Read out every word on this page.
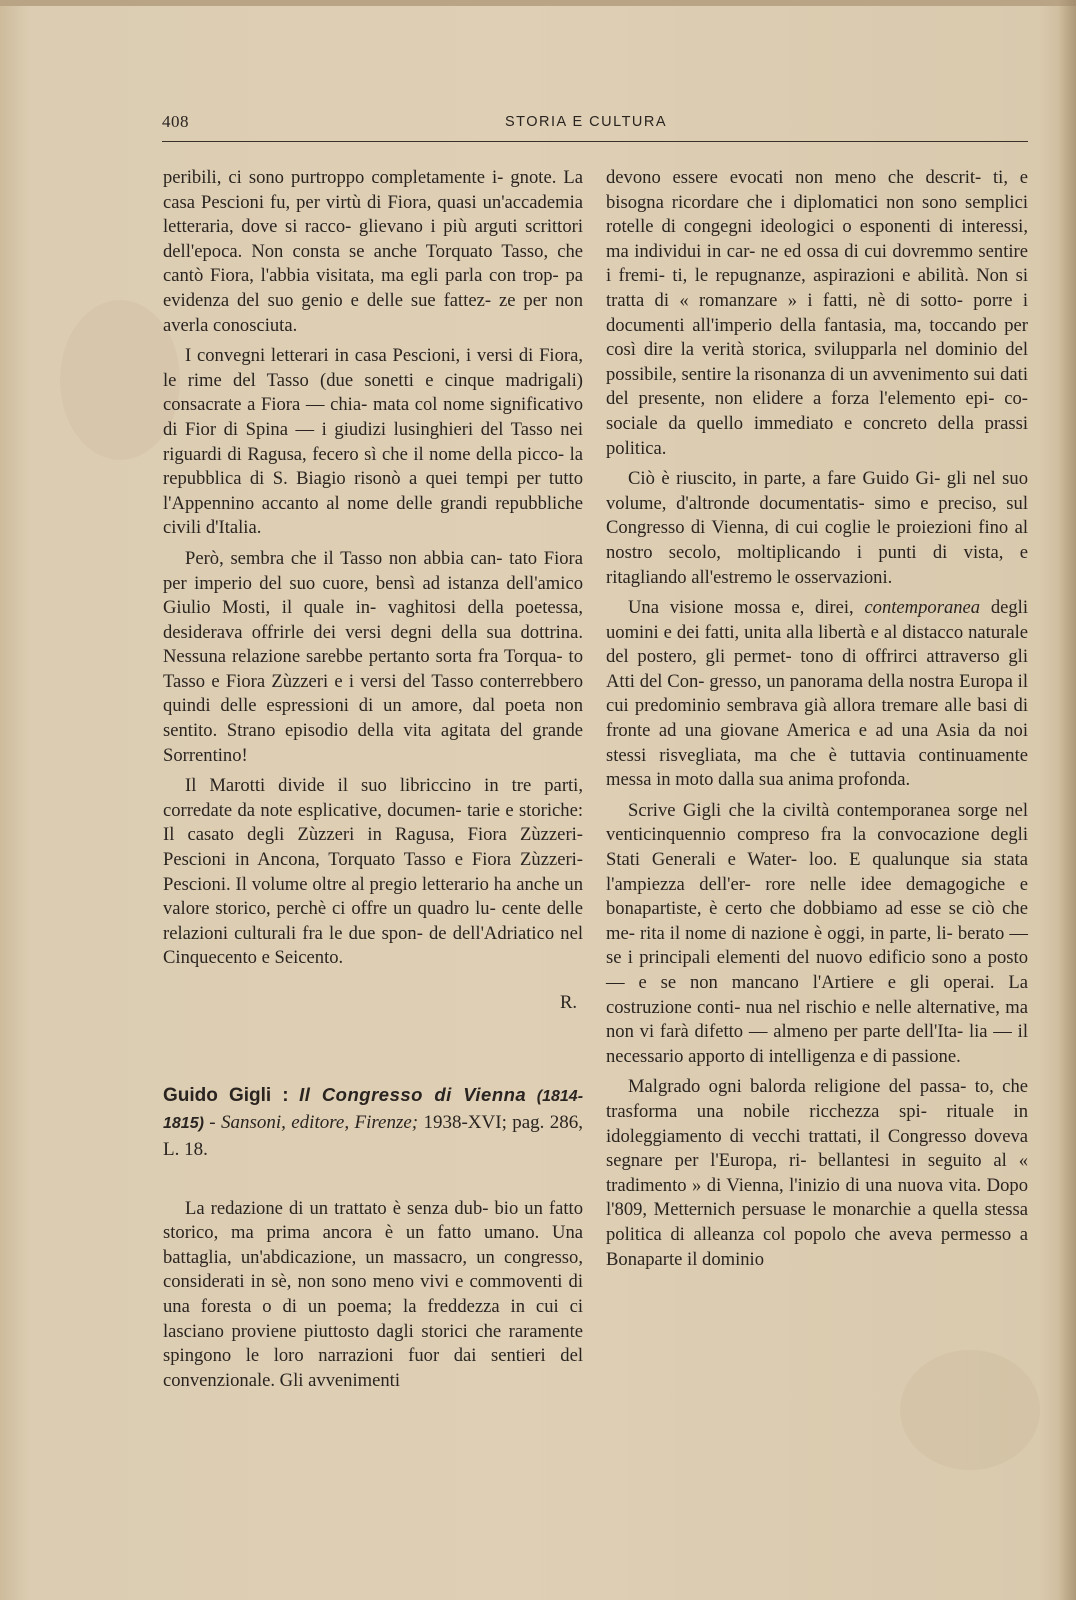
408	STORIA E CULTURA

peribili, ci sono purtroppo completamente i- gnote. La casa Pescioni fu, per virtù di Fiora, quasi un'accademia letteraria, dove si racco- glievano i più arguti scrittori dell'epoca. Non consta se anche Torquato Tasso, che cantò Fiora, l'abbia visitata, ma egli parla con trop- pa evidenza del suo genio e delle sue fattez- ze per non averla conosciuta.

I convegni letterari in casa Pescioni, i versi di Fiora, le rime del Tasso (due sonetti e cinque madrigali) consacrate a Fiora — chia- mata col nome significativo di Fior di Spina — i giudizi lusinghieri del Tasso nei riguardi di Ragusa, fecero sì che il nome della picco- la repubblica di S. Biagio risonò a quei tempi per tutto l'Appennino accanto al nome delle grandi repubbliche civili d'Italia.

Però, sembra che il Tasso non abbia can- tato Fiora per imperio del suo cuore, bensì ad istanza dell'amico Giulio Mosti, il quale in- vaghitosi della poetessa, desiderava offrirle dei versi degni della sua dottrina. Nessuna relazione sarebbe pertanto sorta fra Torqua- to Tasso e Fiora Zùzzeri e i versi del Tasso conterrebbero quindi delle espressioni di un amore, dal poeta non sentito. Strano episodio della vita agitata del grande Sorrentino!

Il Marotti divide il suo libriccino in tre parti, corredate da note esplicative, documen- tarie e storiche: Il casato degli Zùzzeri in Ragusa, Fiora Zùzzeri-Pescioni in Ancona, Torquato Tasso e Fiora Zùzzeri-Pescioni. Il volume oltre al pregio letterario ha anche un valore storico, perchè ci offre un quadro lu- cente delle relazioni culturali fra le due spon- de dell'Adriatico nel Cinquecento e Seicento.

R.
Guido Gigli : Il Congresso di Vienna (1814-1815) - Sansoni, editore, Firenze; 1938-XVI; pag. 286, L. 18.

La redazione di un trattato è senza dub- bio un fatto storico, ma prima ancora è un fatto umano. Una battaglia, un'abdicazione, un massacro, un congresso, considerati in sè, non sono meno vivi e commoventi di una foresta o di un poema; la freddezza in cui ci lasciano proviene piuttosto dagli storici che raramente spingono le loro narrazioni fuor dai sentieri del convenzionale. Gli avvenimenti

devono essere evocati non meno che descrit- ti, e bisogna ricordare che i diplomatici non sono semplici rotelle di congegni ideologici o esponenti di interessi, ma individui in car- ne ed ossa di cui dovremmo sentire i fremi- ti, le repugnanze, aspirazioni e abilità. Non si tratta di « romanzare » i fatti, nè di sotto- porre i documenti all'imperio della fantasia, ma, toccando per così dire la verità storica, svilupparla nel dominio del possibile, sentire la risonanza di un avvenimento sui dati del presente, non elidere a forza l'elemento epi- co-sociale da quello immediato e concreto della prassi politica.

Ciò è riuscito, in parte, a fare Guido Gi- gli nel suo volume, d'altronde documentatis- simo e preciso, sul Congresso di Vienna, di cui coglie le proiezioni fino al nostro secolo, moltiplicando i punti di vista, e ritagliando all'estremo le osservazioni.

Una visione mossa e, direi, contemporanea degli uomini e dei fatti, unita alla libertà e al distacco naturale del postero, gli permet- tono di offrirci attraverso gli Atti del Con- gresso, un panorama della nostra Europa il cui predominio sembrava già allora tremare alle basi di fronte ad una giovane America e ad una Asia da noi stessi risvegliata, ma che è tuttavia continuamente messa in moto dalla sua anima profonda.

Scrive Gigli che la civiltà contemporanea sorge nel venticinquennio compreso fra la convocazione degli Stati Generali e Water- loo. E qualunque sia stata l'ampiezza dell'er- rore nelle idee demagogiche e bonapartiste, è certo che dobbiamo ad esse se ciò che me- rita il nome di nazione è oggi, in parte, li- berato — se i principali elementi del nuovo edificio sono a posto — e se non mancano l'Artiere e gli operai. La costruzione conti- nua nel rischio e nelle alternative, ma non vi farà difetto — almeno per parte dell'Ita- lia — il necessario apporto di intelligenza e di passione.

Malgrado ogni balorda religione del passa- to, che trasforma una nobile ricchezza spi- rituale in idoleggiamento di vecchi trattati, il Congresso doveva segnare per l'Europa, ri- bellantesi in seguito al « tradimento » di Vienna, l'inizio di una nuova vita. Dopo l'809, Metternich persuase le monarchie a quella stessa politica di alleanza col popolo che aveva permesso a Bonaparte il dominio
